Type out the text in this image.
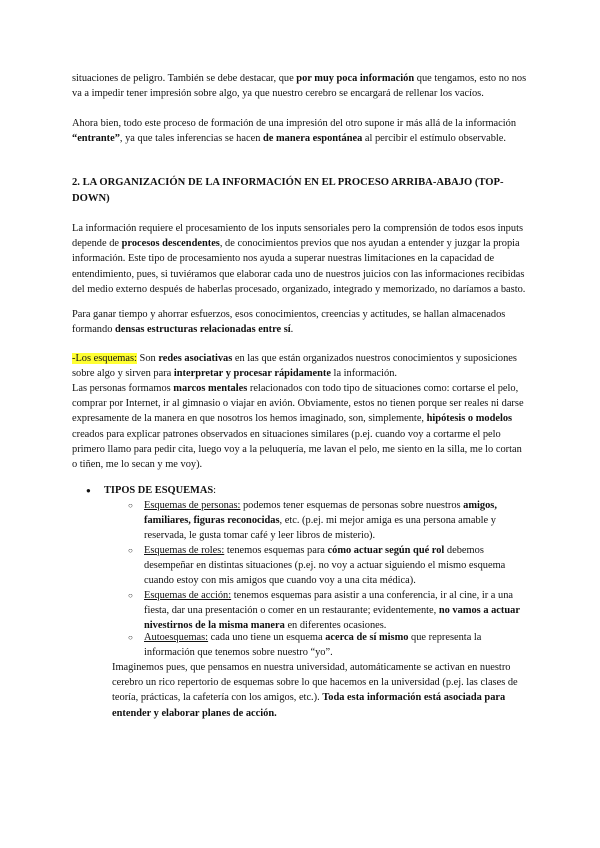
situaciones de peligro. También se debe destacar, que por muy poca información que tengamos, esto no nos va a impedir tener impresión sobre algo, ya que nuestro cerebro se encargará de rellenar los vacíos.

Ahora bien, todo este proceso de formación de una impresión del otro supone ir más allá de la información “entrante”, ya que tales inferencias se hacen de manera espontánea al percibir el estímulo observable.

2. LA ORGANIZACIÓN DE LA INFORMACIÓN EN EL PROCESO ARRIBA-ABAJO (TOP-DOWN)

La información requiere el procesamiento de los inputs sensoriales pero la comprensión de todos esos inputs depende de procesos descendentes, de conocimientos previos que nos ayudan a entender y juzgar la propia información. Este tipo de procesamiento nos ayuda a superar nuestras limitaciones en la capacidad de entendimiento, pues, si tuviéramos que elaborar cada uno de nuestros juicios con las informaciones recibidas del medio externo después de haberlas procesado, organizado, integrado y memorizado, no daríamos a basto.

Para ganar tiempo y ahorrar esfuerzos, esos conocimientos, creencias y actitudes, se hallan almacenados formando densas estructuras relacionadas entre sí.

-Los esquemas: Son redes asociativas en las que están organizados nuestros conocimientos y suposiciones sobre algo y sirven para interpretar y procesar rápidamente la información.

Las personas formamos marcos mentales relacionados con todo tipo de situaciones como: cortarse el pelo, comprar por Internet, ir al gimnasio o viajar en avión. Obviamente, estos no tienen porque ser reales ni darse expresamente de la manera en que nosotros los hemos imaginado, son, simplemente, hipótesis o modelos creados para explicar patrones observados en situaciones similares (p.ej. cuando voy a cortarme el pelo primero llamo para pedir cita, luego voy a la peluquería, me lavan el pelo, me siento en la silla, me lo cortan o tiñen, me lo secan y me voy).

● TIPOS DE ESQUEMAS:
○ Esquemas de personas: podemos tener esquemas de personas sobre nuestros amigos, familiares, figuras reconocidas, etc. (p.ej. mi mejor amiga es una persona amable y reservada, le gusta tomar café y leer libros de misterio).

○ Esquemas de roles: tenemos esquemas para cómo actuar según qué rol debemos desempeñar en distintas situaciones (p.ej. no voy a actuar siguiendo el mismo esquema cuando estoy con mis amigos que cuando voy a una cita médica).

○ Esquemas de acción: tenemos esquemas para asistir a una conferencia, ir al cine, ir a una fiesta, dar una presentación o comer en un restaurante; evidentemente, no vamos a actuar nivestirnos de la misma manera en diferentes ocasiones.

○ Autoesquemas: cada uno tiene un esquema acerca de sí mismo que representa la información que tenemos sobre nuestro “yo”.

Imaginemos pues, que pensamos en nuestra universidad, automáticamente se activan en nuestro cerebro un rico repertorio de esquemas sobre lo que hacemos en la universidad (p.ej. las clases de teoría, prácticas, la cafetería con los amigos, etc.). Toda esta información está asociada para entender y elaborar planes de acción.
